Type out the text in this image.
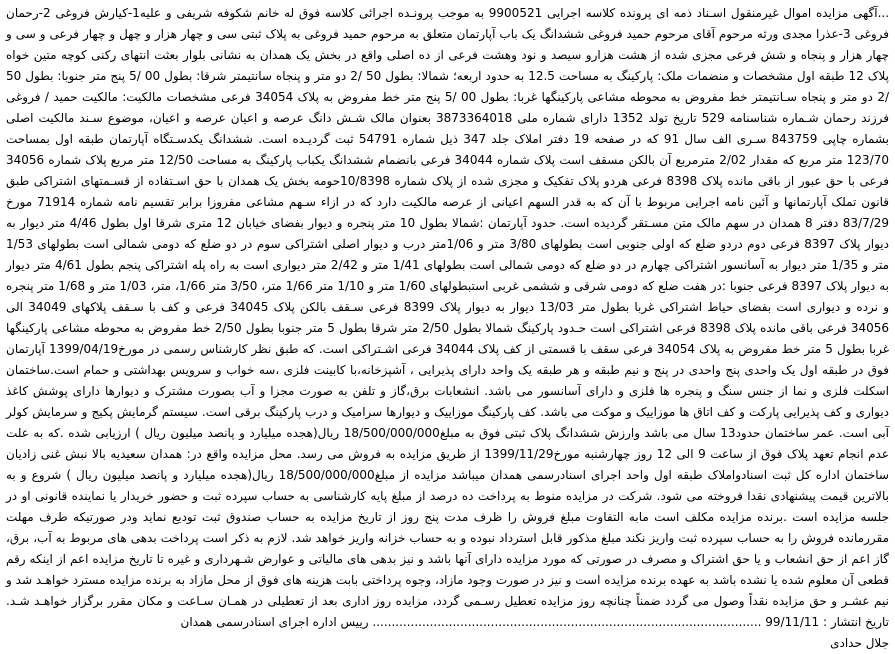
...آگهی مزایده اموال غیرمنقول اسـناد ذمه ای پرونده کلاسه اجرایی 9900521 به موجب پرونـده اجرائی کلاسه فوق له خانم شکوفه شریفی و علیه1-کیارش فروغی 2-رحمان فروغی 3-عذرا مجدی ورثه مرحوم آقای مرحوم حمید فروغی ششدانگ یک باب آپارتمان متعلق به مرحوم حمید فروغی به پلاک ثبتی سی و چهار هزار و چهل و چهار فرعی و سی و چهار هزار و پنجاه و شش فرعی مجزی شده از هشت هزارو سیصد و نود وهشت فرعی از ده اصلی واقع در بخش یک همدان به نشانی بلوار بعثت انتهای رکنی کوچه متین خواه پلاک 12 طبقه اول مشخصات و منضمات ملک: پارکینگ به مساحت 12.5 به حدود اربعه؛ شمالا: بطول 50 /2 دو متر و پنجاه سانتیمتر شرقا: بطول 00 /5 پنج متر جنوبا: بطول 50 /2 دو متر و پنجاه سـانتیمتر خط مفروض به محوطه مشاعی پارکینگها غربا: بطول 00 /5 پنج متر خط مفروض به پلاک 34054 فرعی مشخصات مالکیت: مالکیت حمید / فروغی فرزند رحمان شـماره شناسنامه 529 تاریخ تولد 1352 دارای شماره ملی 3873364018 بعنوان مالک شـش دانگ عرصه و اعیان عرصه و اعیان، موضوع سـند مالکیت اصلی بشماره چاپی 843759 سـری الف سال 91 که در صفحه 19 دفتر املاک جلد 347 ذیل شماره 54791 ثبت گردیـده است. ششدانگ یکدسـتگاه آپارتمان طبقه اول بمساحت 123/70 متر مربع که مقدار 2/02 مترمربع آن بالکن مسقف است پلاک شماره 34044 فرعی بانضمام ششدانگ یکباب پارکینگ به مساحت 12/50 متر مربع پلاک شماره 34056 فرعی با حق عبور از باقی مانده پلاک 8398 فرعی هردو پلاک تفکیک و مجزی شده از پلاک شماره 10/8398حومه بخش یک همدان با حق اسـتفاده از قسـمتهای اشتراکی طبق قانون تملک آپارتمانها و آئین نامه اجرایی مربوط با آن که به قدر السهم اعیانی از عرصه مالکیت دارد که در ازاء سـهم مشاعی مفروزا برابر تقسیم نامه شماره 71914 مورخ 83/7/29 دفتر 8 همدان در سهم مالک متن مسـتقر گردیده است. حدود آپارتمان :شمالا بطول 10 متر پنجره و دیوار بفضای خیابان 12 متری شرقا اول بطول 4/46 متر دیوار به دیوار پلاک 8397 فرعی دوم دردو ضلع که اولی جنوبی است بطولهای 3/80 متر و 1/06متر درب و دیوار اصلی اشتراکی سوم در دو ضلع که دومی شمالی است بطولهای 1/53 متر و 1/35 متر دیوار به آسانسور اشتراکی چهارم در دو ضلع که دومی شمالی است بطولهای 1/41 متر و 2/42 متر دیواری است به راه پله اشتراکی پنجم بطول 4/61 متر دیوار به دیوار پلاک 8397 فرعی جنوبا :در هفت ضلع که دومی شرقی و ششمی غربی استبطولهای 1/60 متر و 1/10 متر 1/66 متر، 3/50 متر 1/66، متر، 1/03 متر و 1/68 متر پنجره و نرده و دیواری است بفضای حیاط اشتراکی غربا بطول متر 13/03 دیوار به دیوار پلاک 8399 فرعی سـقف بالکن پلاک 34045 فرعی و کف با سـقف پلاکهای 34049 الی 34056 فرعی باقی مانده پلاک 8398 فرعی اشتراکی است حـدود پارکینگ شمالا بطول 2/50 متر شرقا بطول 5 متر جنوبا بطول 2/50 خط مفروض به محوطه مشاعی پارکینگها غربا بطول 5 متر خط مفروض به پلاک 34054 فرعی سقف با قسمتی از کف پلاک 34044 فرعی اشـتراکی است. که طبق نظر کارشناس رسمی در مورخ1399/04/19 آپارتمان فوق در طبقه اول یک واحدی پنج واحدی در پنج و نیم طبقه و هر طبقه یک واحد دارای پذیرایی ، آشپزخانه،با کابینت فلزی ،سه خواب و سرویس بهداشتی و حمام است.ساختمان اسکلت فلزی و نما از جنس سنگ و پنجره ها فلزی و دارای آسانسور می باشد. انشعابات برق،گاز و تلفن به صورت مجزا و آب بصورت مشترک و دیوارها دارای پوشش کاغذ دیواری و کف پذیرایی پارکت و کف اتاق ها موزاییک و موکت می باشد. کف پارکینگ موزاییک و دیوارها سرامیک و درب پارکینگ برقی است. سیستم گرمایش پکیج و سرمایش کولر آبی است. عمر ساختمان حدود13 سال می باشد وارزش ششدانگ پلاک ثبتی فوق به مبلغ18/500/000/000 ریال(هجده میلیارد و پانصد میلیون ریال ) ارزیابی شده .که به علت عدم انجام تعهد پلاک فوق از ساعت 9 الی 12 روز چهارشنبه مورخ1399/11/29 از طریق مزایده به فروش می رسد. محل مزایده واقع در: همدان سعیدیه بالا نبش غنی زادیان ساختمان اداره کل ثبت اسنادواملاک طبقه اول واحد اجرای اسنادرسمی همدان میباشد مزایده از مبلغ18/500/000/000 ریال(هجده میلیارد و پانصد میلیون ریال ) شروع و به بالاترین قیمت پیشنهادی نقدا فروخته می شود. شرکت در مزایده منوط به پرداخت ده درصد از مبلغ پایه کارشناسی به حساب سپرده ثبت و حضور خریدار یا نماینده قانونی او در جلسه مزایده است .برنده مزایده مکلف است مابه التفاوت مبلغ فروش را ظرف مدت پنج روز از تاریخ مزایده به حساب صندوق ثبت تودیع نماید ودر صورتیکه طرف مهلت مقررمانده فروش را به حساب سپرده ثبت واریز نکند مبلغ مذکور قابل استرداد نبوده و به حساب خزانه واریز خواهد شد. لازم به ذکر است پرداخت بدهی های مربوط به آب، برق، گاز اعم از حق انشعاب و یا حق اشتراک و مصرف در صورتی که مورد مزایده دارای آنها باشد و نیز بدهی های مالیاتی و عوارض شـهرداری و غیره تا تاریخ مزایده اعم از اینکه رقم قطعی آن معلوم شده یا نشده باشد به عهده برنده مزایده است و نیز در صورت وجود مازاد، وجوه پرداختی بابت هزینه های فوق از محل مازاد به برنده مزایده مسترد خواهـد شد و نیم عشـر و حق مزایده نقداً وصول می گردد ضمناً چنانچه روز مزایده تعطیل رسـمی گردد، مزایده روز اداری بعد از تعطیلی در همـان سـاعت و مکان مقرر برگزار خواهـد شـد. تاریخ انتشار : 99/11/11 ...................................................................................................... رییس اداره اجرای اسنادرسمی همدان

جلال حدادی
